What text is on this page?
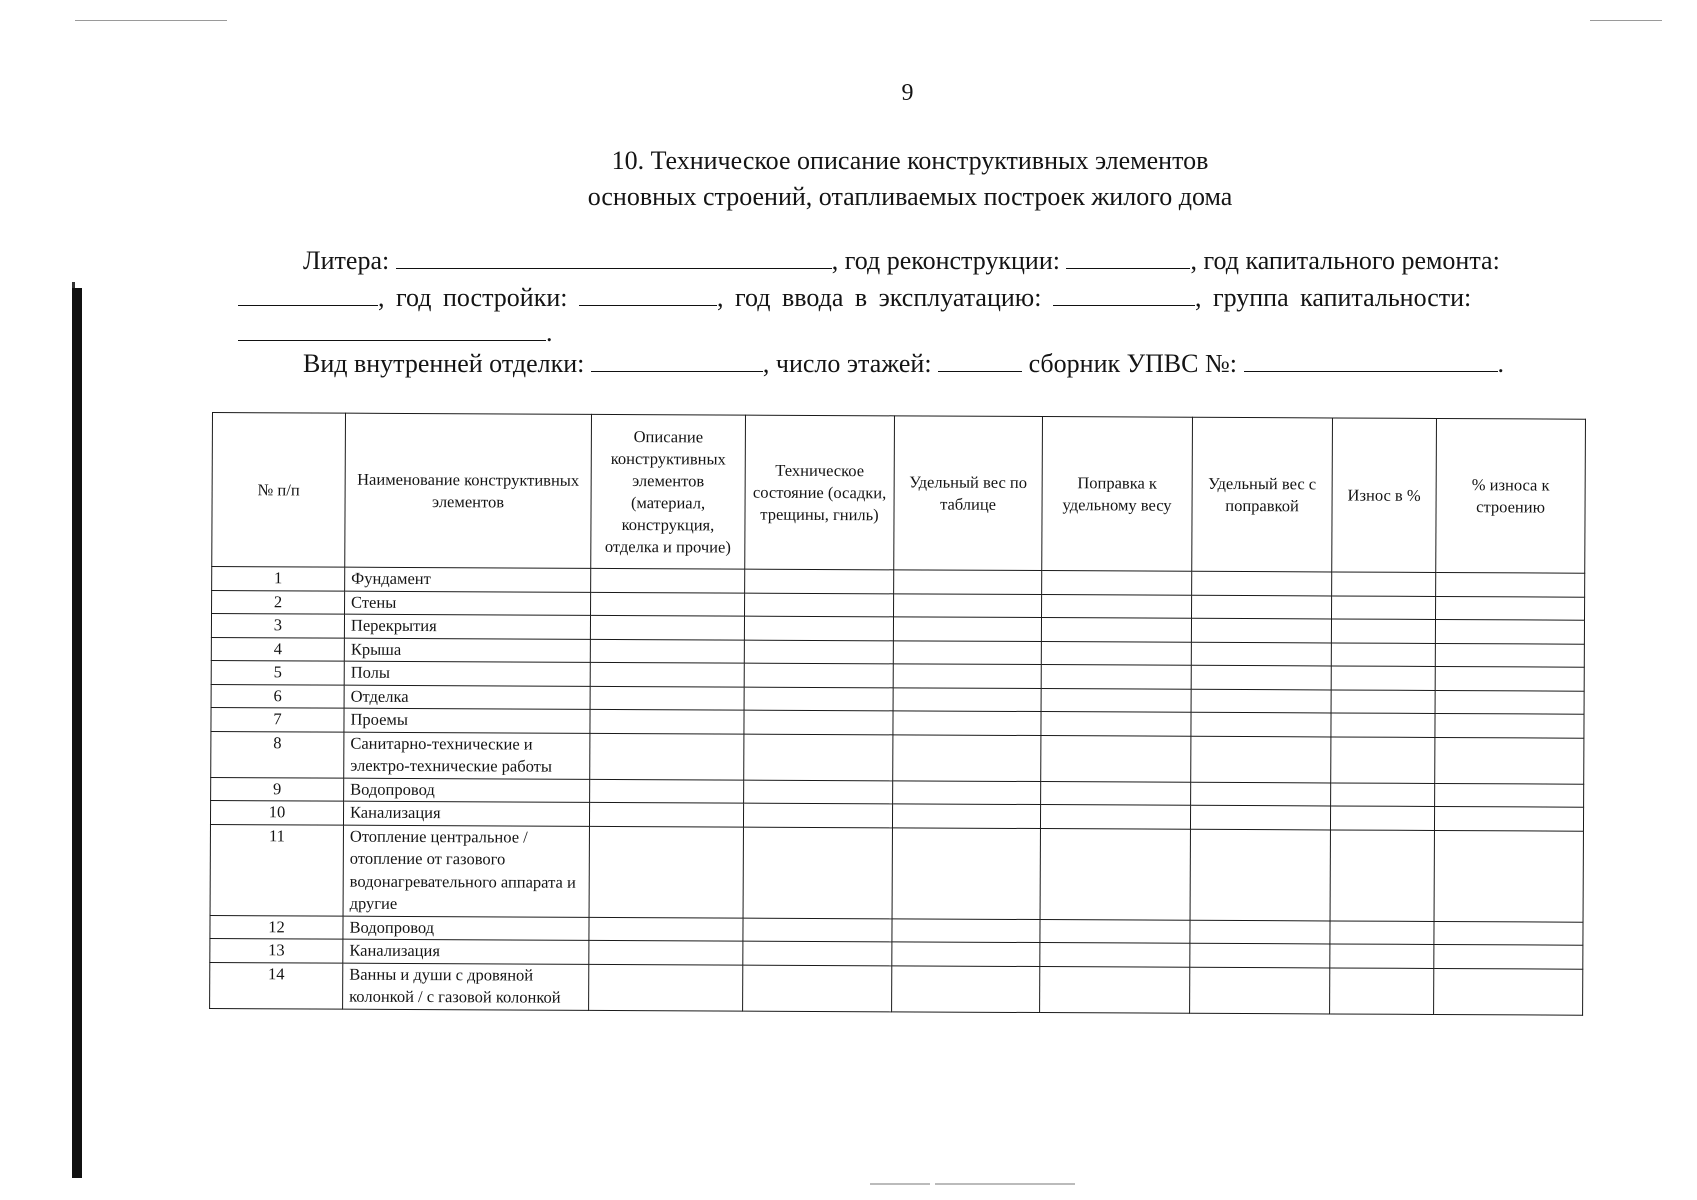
9
10. Техническое описание конструктивных элементов
основных строений, отапливаемых построек жилого дома
Литера:	, год реконструкции:	, год капитального ремонта:
, год постройки:	, год ввода в эксплуатацию:	, группа капитальности:
.
Вид внутренней отделки:	, число этажей:	сборник УПВС №:	.
№ п/п	Наименование конструктивных элементов	Описание конструктивных элементов (материал, конструкция, отделка и прочие)	Техническое состояние (осадки, трещины, гниль)	Удельный вес по таблице	Поправка к удельному весу	Удельный вес с поправкой	Износ в %	% износа к строению
1	Фундамент							
2	Стены							
3	Перекрытия							
4	Крыша							
5	Полы							
6	Отделка							
7	Проемы							
8	Санитарно-технические и электро-технические работы							
9	Водопровод							
10	Канализация							
11	Отопление центральное / отопление от газового водонагревательного аппарата и другие							
12	Водопровод							
13	Канализация							
14	Ванны и души с дровяной колонкой / с газовой колонкой							
